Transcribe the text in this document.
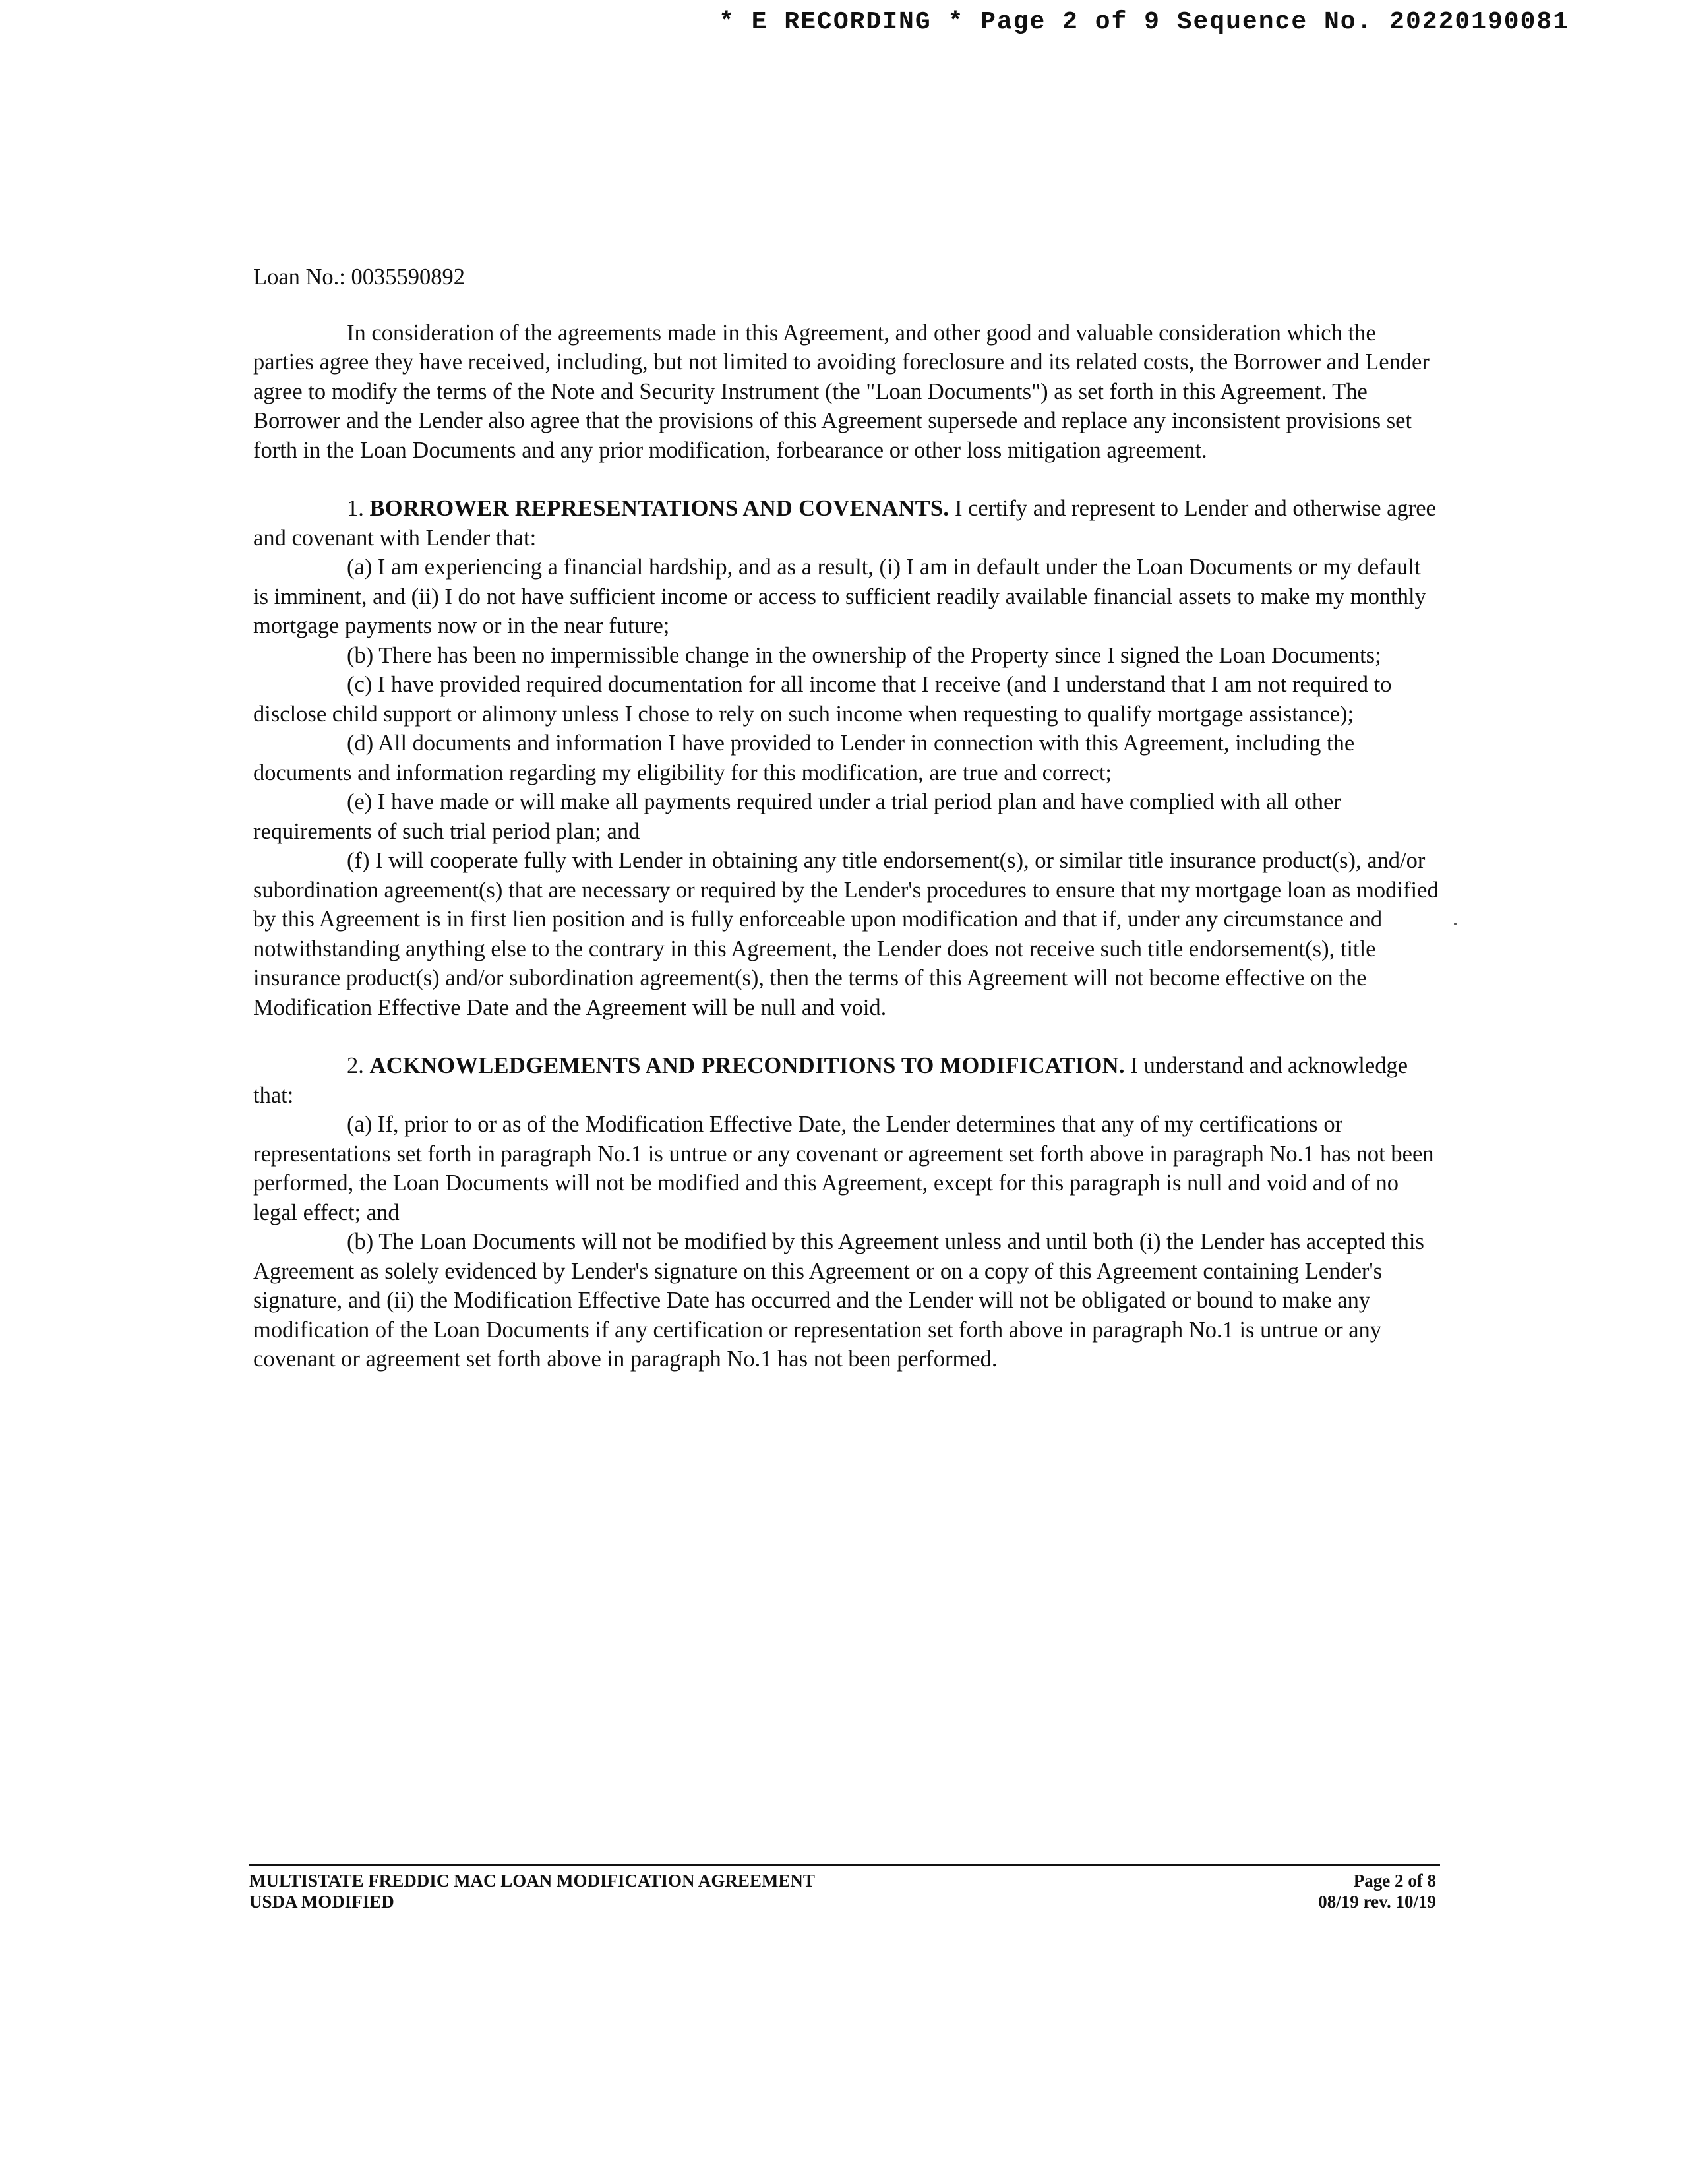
* E RECORDING * Page 2 of 9 Sequence No. 20220190081

Loan No.: 0035590892

In consideration of the agreements made in this Agreement, and other good and valuable consideration which the parties agree they have received, including, but not limited to avoiding foreclosure and its related costs, the Borrower and Lender agree to modify the terms of the Note and Security Instrument (the "Loan Documents") as set forth in this Agreement. The Borrower and the Lender also agree that the provisions of this Agreement supersede and replace any inconsistent provisions set forth in the Loan Documents and any prior modification, forbearance or other loss mitigation agreement.

1. BORROWER REPRESENTATIONS AND COVENANTS. I certify and represent to Lender and otherwise agree and covenant with Lender that:

(a) I am experiencing a financial hardship, and as a result, (i) I am in default under the Loan Documents or my default is imminent, and (ii) I do not have sufficient income or access to sufficient readily available financial assets to make my monthly mortgage payments now or in the near future;

(b) There has been no impermissible change in the ownership of the Property since I signed the Loan Documents;

(c) I have provided required documentation for all income that I receive (and I understand that I am not required to disclose child support or alimony unless I chose to rely on such income when requesting to qualify mortgage assistance);

(d) All documents and information I have provided to Lender in connection with this Agreement, including the documents and information regarding my eligibility for this modification, are true and correct;

(e) I have made or will make all payments required under a trial period plan and have complied with all other requirements of such trial period plan; and

(f) I will cooperate fully with Lender in obtaining any title endorsement(s), or similar title insurance product(s), and/or subordination agreement(s) that are necessary or required by the Lender's procedures to ensure that my mortgage loan as modified by this Agreement is in first lien position and is fully enforceable upon modification and that if, under any circumstance and notwithstanding anything else to the contrary in this Agreement, the Lender does not receive such title endorsement(s), title insurance product(s) and/or subordination agreement(s), then the terms of this Agreement will not become effective on the Modification Effective Date and the Agreement will be null and void.

2. ACKNOWLEDGEMENTS AND PRECONDITIONS TO MODIFICATION. I understand and acknowledge that:

(a) If, prior to or as of the Modification Effective Date, the Lender determines that any of my certifications or representations set forth in paragraph No.1 is untrue or any covenant or agreement set forth above in paragraph No.1 has not been performed, the Loan Documents will not be modified and this Agreement, except for this paragraph is null and void and of no legal effect; and

(b) The Loan Documents will not be modified by this Agreement unless and until both (i) the Lender has accepted this Agreement as solely evidenced by Lender's signature on this Agreement or on a copy of this Agreement containing Lender's signature, and (ii) the Modification Effective Date has occurred and the Lender will not be obligated or bound to make any modification of the Loan Documents if any certification or representation set forth above in paragraph No.1 is untrue or any covenant or agreement set forth above in paragraph No.1 has not been performed.

MULTISTATE FREDDIC MAC LOAN MODIFICATION AGREEMENT	Page 2 of 8
USDA MODIFIED	08/19 rev. 10/19
